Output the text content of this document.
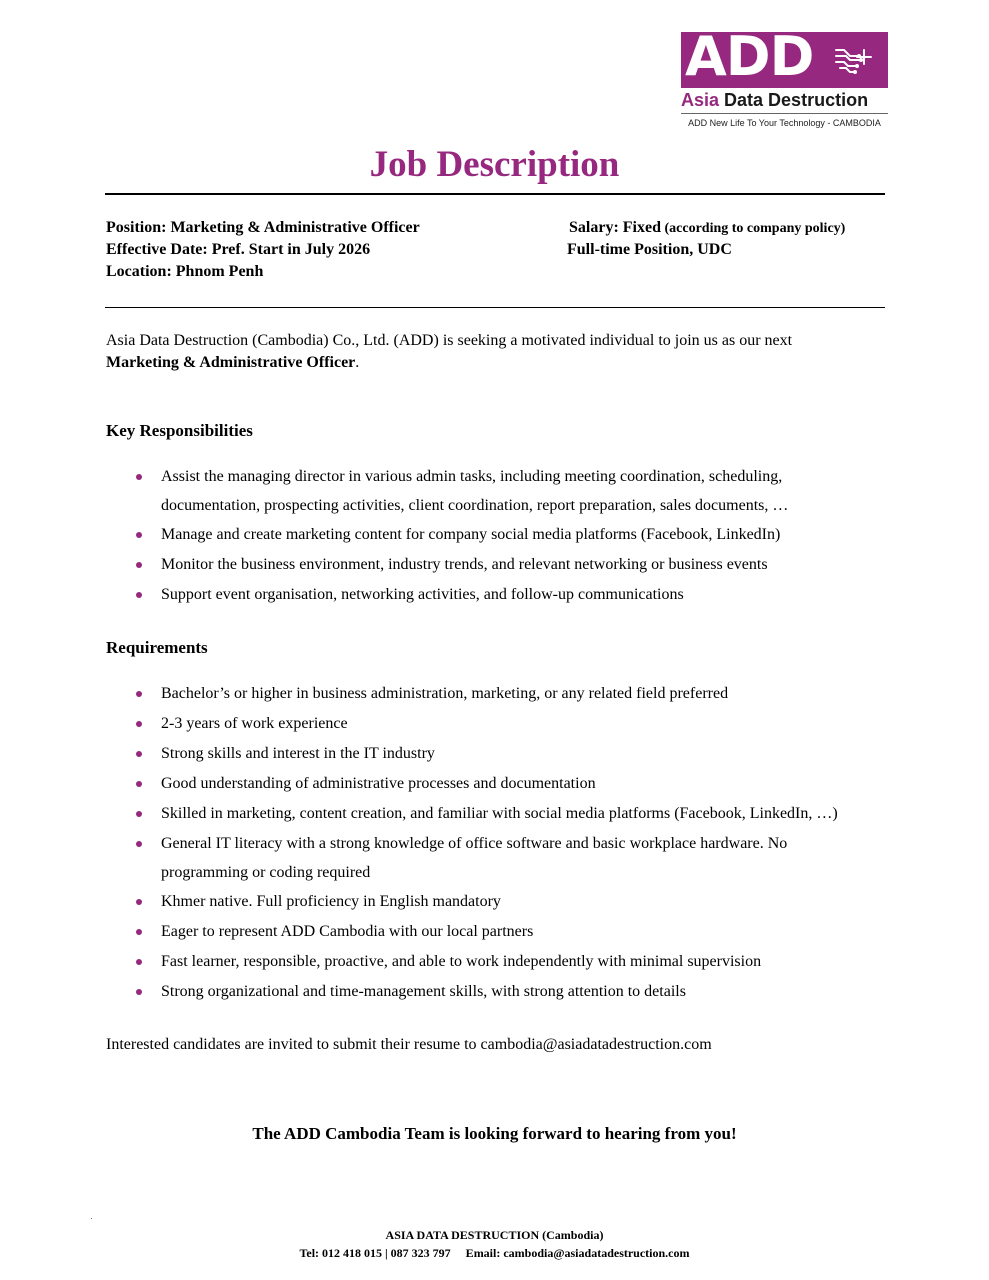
ADD
Asia Data Destruction
ADD New Life To Your Technology - CAMBODIA
Job Description
Position: Marketing & Administrative Officer
Effective Date: Pref. Start in July 2026
Location: Phnom Penh
Salary: Fixed (according to company policy)
Full-time Position, UDC
Asia Data Destruction (Cambodia) Co., Ltd. (ADD) is seeking a motivated individual to join us as our next
Marketing & Administrative Officer.
Key Responsibilities
Assist the managing director in various admin tasks, including meeting coordination, scheduling,
documentation, prospecting activities, client coordination, report preparation, sales documents, …
Manage and create marketing content for company social media platforms (Facebook, LinkedIn)
Monitor the business environment, industry trends, and relevant networking or business events
Support event organisation, networking activities, and follow-up communications
Requirements
Bachelor’s or higher in business administration, marketing, or any related field preferred
2-3 years of work experience
Strong skills and interest in the IT industry
Good understanding of administrative processes and documentation
Skilled in marketing, content creation, and familiar with social media platforms (Facebook, LinkedIn, …)
General IT literacy with a strong knowledge of office software and basic workplace hardware. No
programming or coding required
Khmer native. Full proficiency in English mandatory
Eager to represent ADD Cambodia with our local partners
Fast learner, responsible, proactive, and able to work independently with minimal supervision
Strong organizational and time-management skills, with strong attention to details
Interested candidates are invited to submit their resume to cambodia@asiadatadestruction.com
The ADD Cambodia Team is looking forward to hearing from you!
ASIA DATA DESTRUCTION (Cambodia)
Tel: 012 418 015 | 087 323 797     Email: cambodia@asiadatadestruction.com
